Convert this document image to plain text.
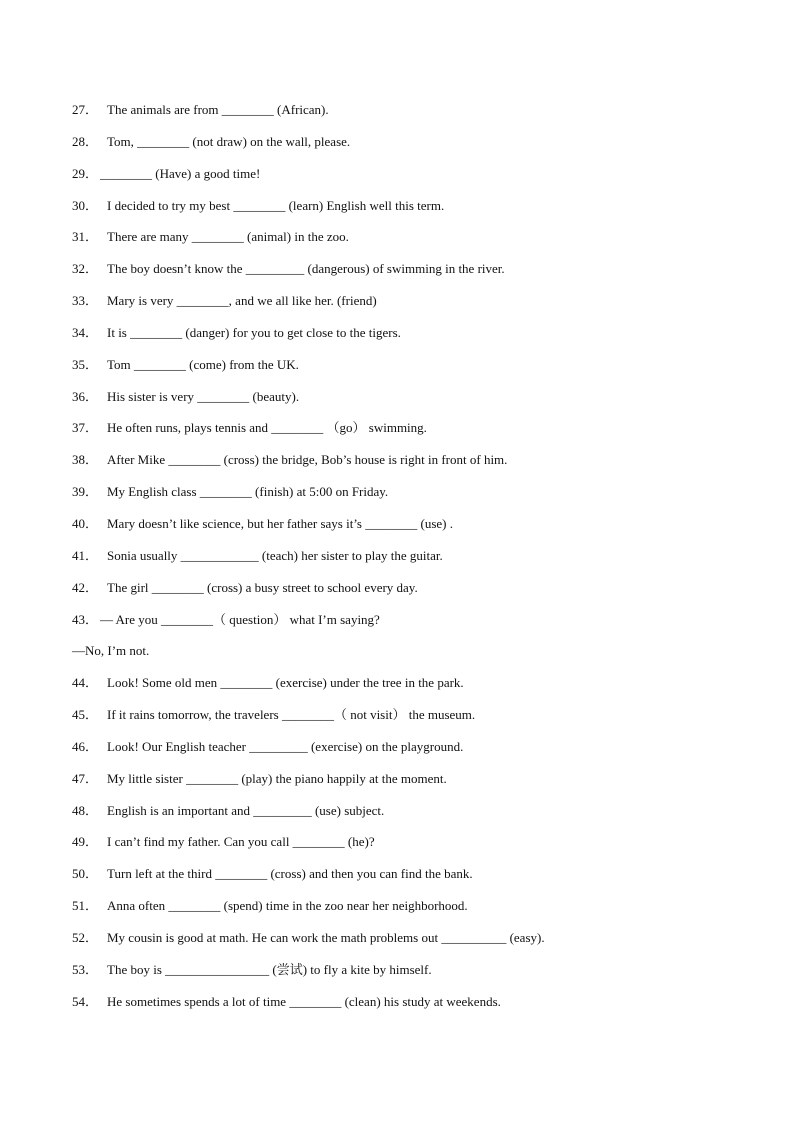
27． The animals are from ________ (African).
28． Tom, ________ (not draw) on the wall, please.
29． ________ (Have) a good time!
30． I decided to try my best ________ (learn) English well this term.
31． There are many ________ (animal) in the zoo.
32． The boy doesn’t know the _________ (dangerous) of swimming in the river.
33． Mary is very ________, and we all like her. (friend)
34． It is ________ (danger) for you to get close to the tigers.
35． Tom ________ (come) from the UK.
36． His sister is very ________ (beauty).
37． He often runs, plays tennis and ________ （go） swimming.
38． After Mike ________ (cross) the bridge, Bob’s house is right in front of him.
39． My English class ________ (finish) at 5:00 on Friday.
40． Mary doesn’t like science, but her father says it’s ________ (use) .
41． Sonia usually ____________ (teach) her sister to play the guitar.
42． The girl ________ (cross) a busy street to school every day.
43． — Are you ________（ question） what I’m saying?
—No, I’m not.
44． Look! Some old men ________ (exercise) under the tree in the park.
45． If it rains tomorrow, the travelers ________（ not visit） the museum.
46． Look! Our English teacher _________ (exercise) on the playground.
47． My little sister ________ (play) the piano happily at the moment.
48． English is an important and _________ (use) subject.
49． I can’t find my father. Can you call ________ (he)?
50． Turn left at the third ________ (cross) and then you can find the bank.
51． Anna often ________ (spend) time in the zoo near her neighborhood.
52． My cousin is good at math. He can work the math problems out __________ (easy).
53． The boy is ________________ (尝试) to fly a kite by himself.
54． He sometimes spends a lot of time ________ (clean) his study at weekends.
